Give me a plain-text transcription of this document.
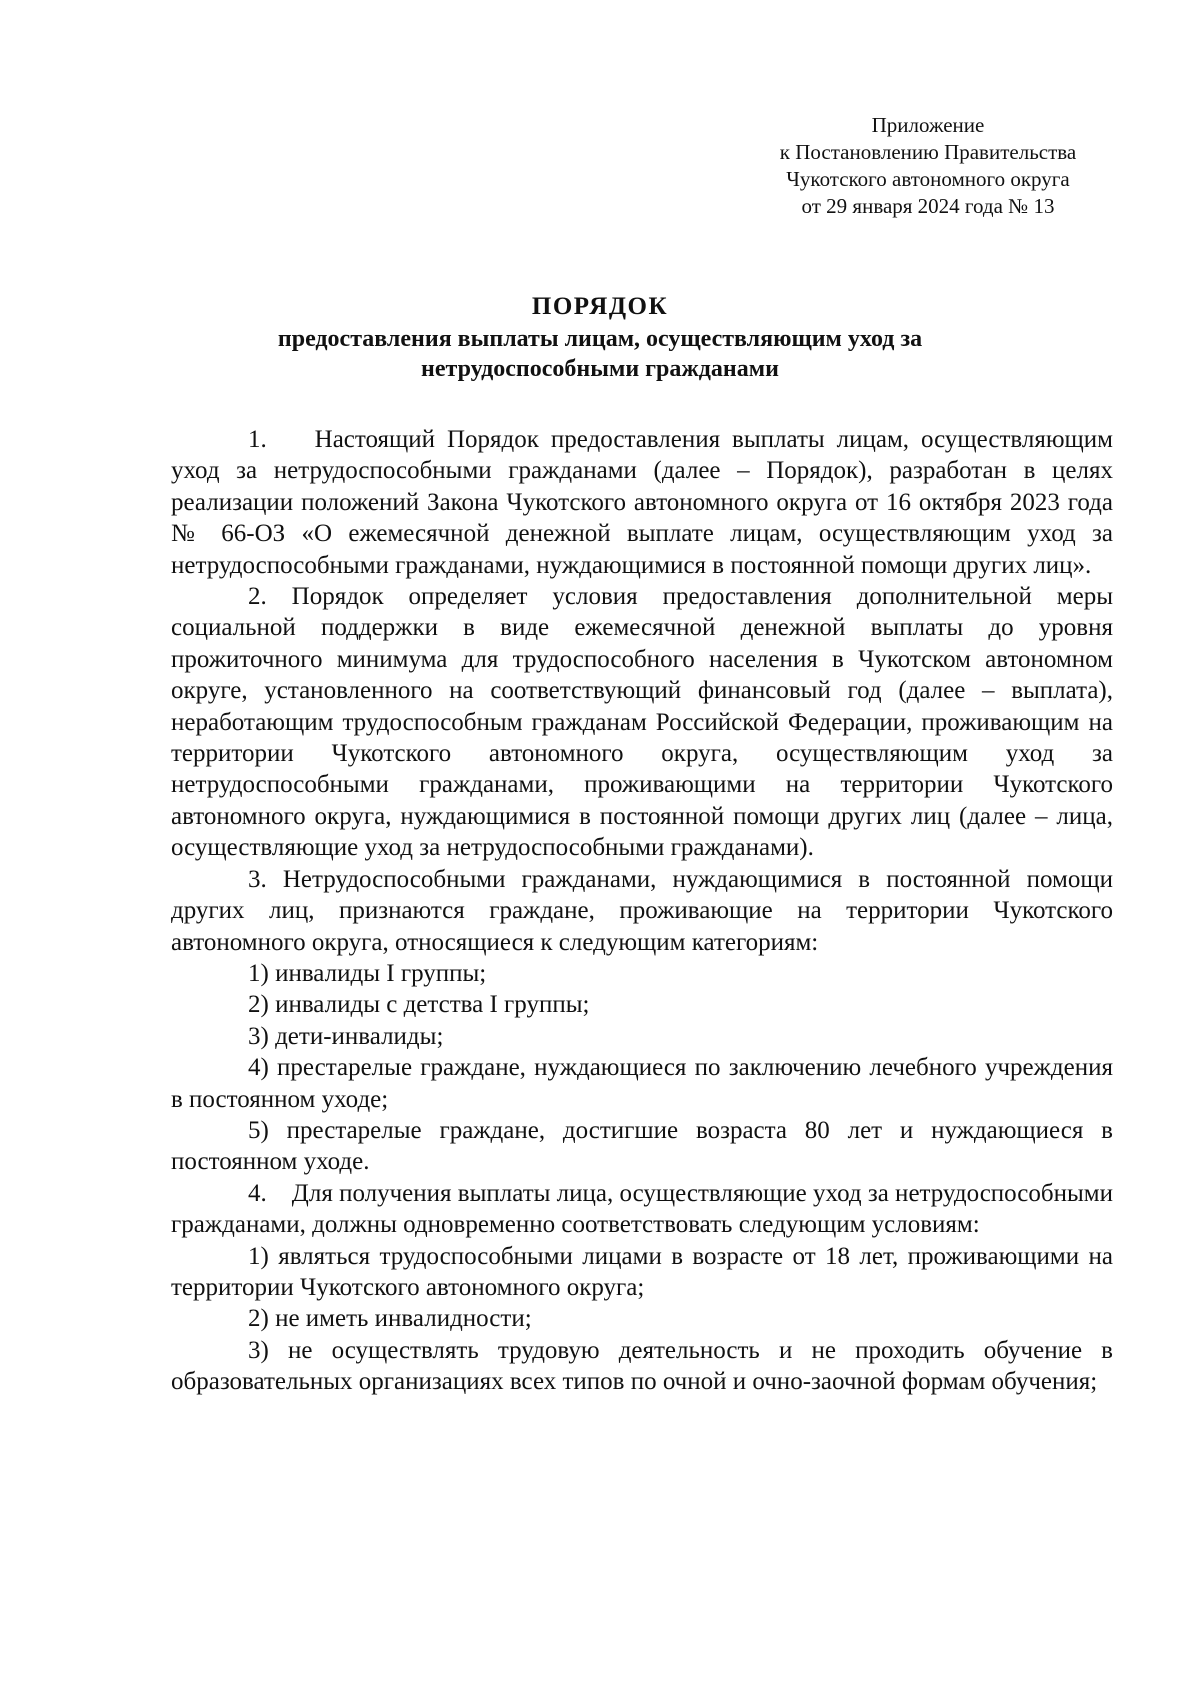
Приложение
к Постановлению Правительства
Чукотского автономного округа
от 29 января 2024 года № 13
ПОРЯДОК
предоставления выплаты лицам, осуществляющим уход за
нетрудоспособными гражданами

1.    Настоящий Порядок предоставления выплаты лицам, осуществляющим уход за нетрудоспособными гражданами (далее – Порядок), разработан в целях реализации положений Закона Чукотского автономного округа от 16 октября 2023 года № 66-ОЗ «О ежемесячной денежной выплате лицам, осуществляющим уход за нетрудоспособными гражданами, нуждающимися в постоянной помощи других лиц».

2. Порядок определяет условия предоставления дополнительной меры социальной поддержки в виде ежемесячной денежной выплаты до уровня прожиточного минимума для трудоспособного населения в Чукотском автономном округе, установленного на соответствующий финансовый год (далее – выплата), неработающим трудоспособным гражданам Российской Федерации, проживающим на территории Чукотского автономного округа, осуществляющим уход за нетрудоспособными гражданами, проживающими на территории Чукотского автономного округа, нуждающимися в постоянной помощи других лиц (далее – лица, осуществляющие уход за нетрудоспособными гражданами).

3. Нетрудоспособными гражданами, нуждающимися в постоянной помощи других лиц, признаются граждане, проживающие на территории Чукотского автономного округа, относящиеся к следующим категориям:

1) инвалиды I группы;

2) инвалиды с детства I группы;

3) дети-инвалиды;

4) престарелые граждане, нуждающиеся по заключению лечебного учреждения в постоянном уходе;

5) престарелые граждане, достигшие возраста 80 лет и нуждающиеся в постоянном уходе.

4.    Для получения выплаты лица, осуществляющие уход за нетрудоспособными гражданами, должны одновременно соответствовать следующим условиям:

1) являться трудоспособными лицами в возрасте от 18 лет, проживающими на территории Чукотского автономного округа;

2) не иметь инвалидности;

3) не осуществлять трудовую деятельность и не проходить обучение в образовательных организациях всех типов по очной и очно-заочной формам обучения;
